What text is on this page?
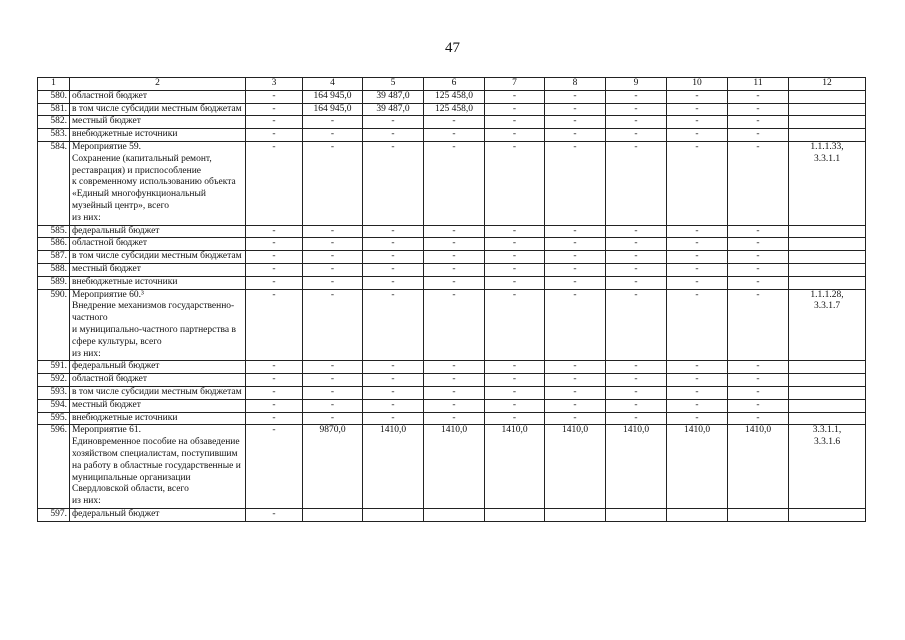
47
1	2	3	4	5	6	7	8	9	10	11	12
580.	областной бюджет	-	164 945,0	39 487,0	125 458,0	-	-	-	-	-	
581.	в том числе субсидии местным бюджетам	-	164 945,0	39 487,0	125 458,0	-	-	-	-	-	
582.	местный бюджет	-	-	-	-	-	-	-	-	-	
583.	внебюджетные источники	-	-	-	-	-	-	-	-	-	
584.	Мероприятие 59.
Сохранение (капитальный ремонт, реставрация) и приспособление
к современному использованию объекта «Единый многофункциональный музейный центр», всего
из них:	-	-	-	-	-	-	-	-	-	1.1.1.33,
3.3.1.1
585.	федеральный бюджет	-	-	-	-	-	-	-	-	-	
586.	областной бюджет	-	-	-	-	-	-	-	-	-	
587.	в том числе субсидии местным бюджетам	-	-	-	-	-	-	-	-	-	
588.	местный бюджет	-	-	-	-	-	-	-	-	-	
589.	внебюджетные источники	-	-	-	-	-	-	-	-	-	
590.	Мероприятие 60.³
Внедрение механизмов государственно-частного
и муниципально-частного партнерства в сфере культуры, всего
из них:	-	-	-	-	-	-	-	-	-	1.1.1.28,
3.3.1.7
591.	федеральный бюджет	-	-	-	-	-	-	-	-	-	
592.	областной бюджет	-	-	-	-	-	-	-	-	-	
593.	в том числе субсидии местным бюджетам	-	-	-	-	-	-	-	-	-	
594.	местный бюджет	-	-	-	-	-	-	-	-	-	
595.	внебюджетные источники	-	-	-	-	-	-	-	-	-	
596.	Мероприятие 61.
Единовременное пособие на обзаведение хозяйством специалистам, поступившим на работу в областные государственные и муниципальные организации Свердловской области, всего
из них:	-	9870,0	1410,0	1410,0	1410,0	1410,0	1410,0	1410,0	1410,0	3.3.1.1,
3.3.1.6
597.	федеральный бюджет	-									
